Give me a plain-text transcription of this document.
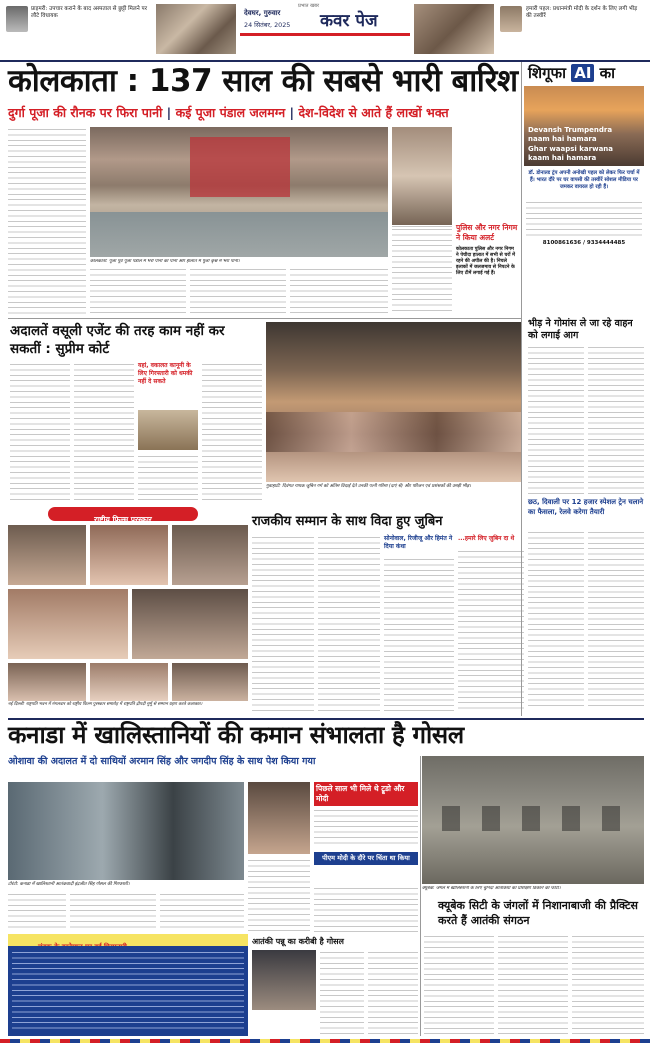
प्राइमरी: उपचार कराने के बाद अस्पताल से छुट्टी मिलने पर लौटे विधायक	देवघर, गुरुवार
24 सितंबर, 2025
प्रभात खबर
कवर पेज
हमारी पहल: प्रधानमंत्री मोदी के दर्शन के लिए लगी भीड़ की तस्वीरें
कोलकाता : 137 साल की सबसे भारी बारिश
दुर्गा पूजा की रौनक पर फिरा पानी | कई पूजा पंडाल जलमग्न | देश-विदेश से आते हैं लाखों भक्त
कोलकाता: पूजा पूर्व पूजा पंडाल में भरा पानी का पानी और हालात में पूजा कृश्न में भरा पानी।
पुलिस और नगर निगम ने किया अलर्ट
कोलकाता पुलिस और नगर निगम ने पेचीदा हालात में सभी से घरों में रहने की अपील की है। निचले इलाकों में जलजमाव से निपटने के लिए टीमें लगाई गई हैं।
शिगूफा AI का
Devansh Trumpendra
naam hai hamara
Ghar waapsi karwana
kaam hai hamara
डॉ. डोनाल्ड ट्रंप अपनी अनोखी पहल को लेकर फिर चर्चा में हैं। भारत दौरे पर घर वापसी की तस्वीरें सोशल मीडिया पर जमकर वायरल हो रही हैं।
8100861636 / 9334444485
भीड़ ने गोमांस ले जा रहे वाहन को लगाई आग
अदालतें वसूली एजेंट की तरह काम नहीं कर सकतीं : सुप्रीम कोर्ट
यहां, वकालत कानूनी के लिए गिरफ्तारी को धमकी नहीं दे सकते
गुवाहाटी: दिवंगत गायक जुबिन गर्ग को अंतिम विदाई देते उनकी पत्नी गरिमा (दाएं से) और परिजन एवं प्रशंसकों की उमड़ी भीड़।
छठ, दिवाली पर 12 हजार स्पेशल ट्रेन चलाने का फैसला, रेलवे करेगा तैयारी
राष्ट्रीय फिल्म पुरस्कार
नई दिल्ली: राष्ट्रपति भवन में मंगलवार को राष्ट्रीय फिल्म पुरस्कार समारोह में राष्ट्रपति द्रौपदी मुर्मू से सम्मान ग्रहण करते कलाकार।
राजकीय सम्मान के साथ विदा हुए जुबिन
सोनोवाल, रिजीजू और हिमंत ने दिया कंधा
...हमारे लिए जुबिन दा थे
कनाडा में खालिस्तानियों की कमान संभालता है गोसल
ओशावा की अदालत में दो साथियों अरमान सिंह और जगदीप सिंह के साथ पेश किया गया
टोरंटो: कनाडा में खालिस्तानी आतंकवादी इंद्रजीत सिंह गोसल की गिरफ्तारी।
पिछले साल भी मिले थे ट्रूडो और मोदी
पीएम मोदी के दौरे पर चिंता था किया
आतंकी पन्नू का करीबी है गोसल
क्यूबेक: जंगल में खालिस्तानी के लिए चुनिंदा आतंकियों का प्रशिक्षण ठिकाने का फोटो।
क्यूबेक सिटी के जंगलों में निशानाबाजी की प्रैक्टिस करते हैं आतंकी संगठन
